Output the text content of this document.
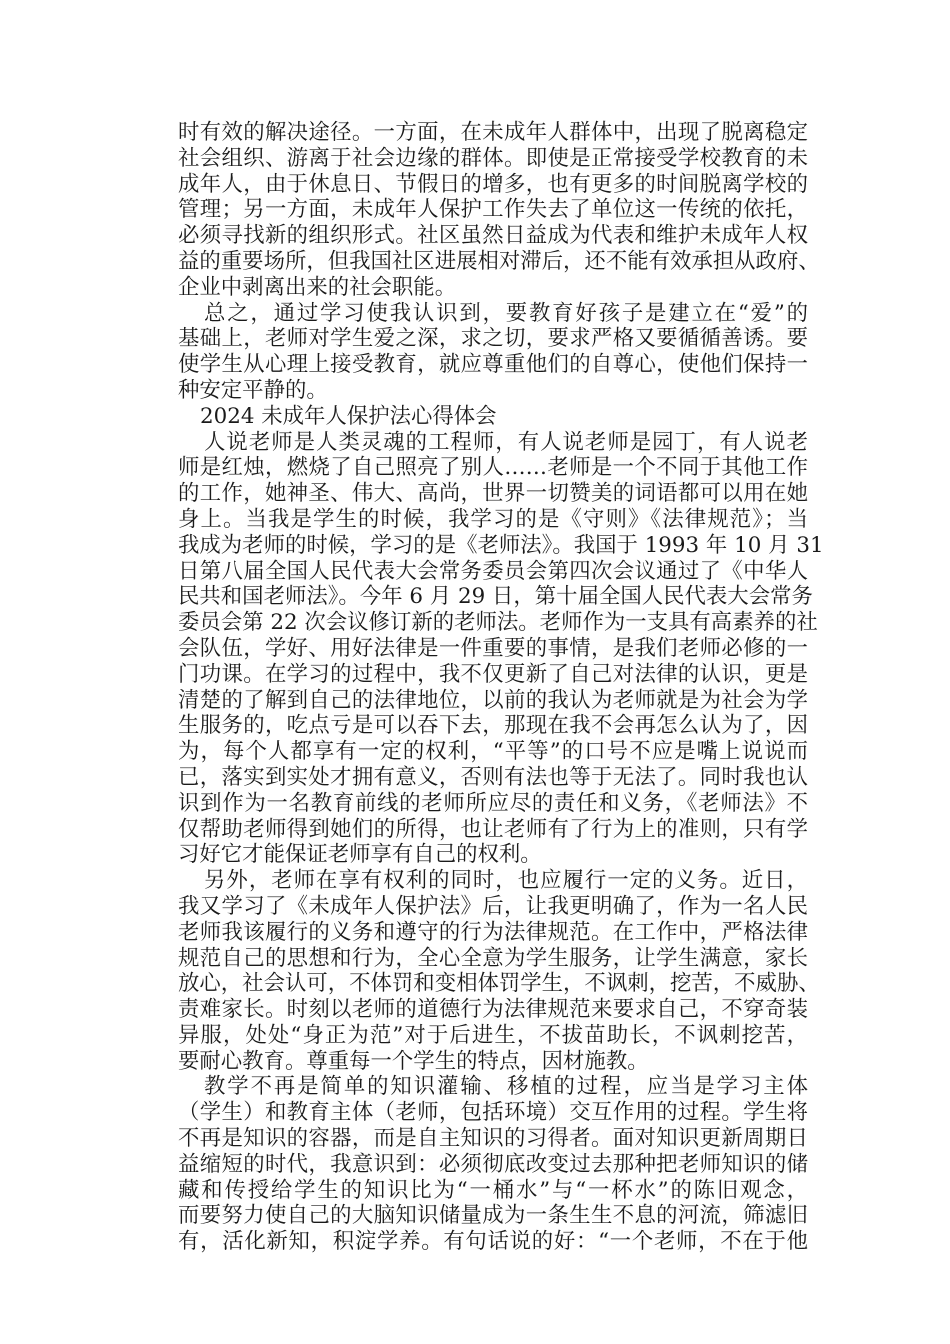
时有效的解决途径。一方面，在未成年人群体中，出现了脱离稳定
社会组织、游离于社会边缘的群体。即使是正常接受学校教育的未
成年人，由于休息日、节假日的增多，也有更多的时间脱离学校的
管理；另一方面，未成年人保护工作失去了单位这一传统的依托，
必须寻找新的组织形式。社区虽然日益成为代表和维护未成年人权
益的重要场所，但我国社区进展相对滞后，还不能有效承担从政府、
企业中剥离出来的社会职能。
总之，通过学习使我认识到，要教育好孩子是建立在“爱”的
基础上，老师对学生爱之深，求之切，要求严格又要循循善诱。要
使学生从心理上接受教育，就应尊重他们的自尊心，使他们保持一
种安定平静的。
2024 未成年人保护法心得体会
人说老师是人类灵魂的工程师，有人说老师是园丁，有人说老
师是红烛，燃烧了自己照亮了别人……老师是一个不同于其他工作
的工作，她神圣、伟大、高尚，世界一切赞美的词语都可以用在她
身上。当我是学生的时候，我学习的是《守则》《法律规范》；当
我成为老师的时候，学习的是《老师法》。我国于 1993 年 10 月 31
日第八届全国人民代表大会常务委员会第四次会议通过了《中华人
民共和国老师法》。今年 6 月 29 日，第十届全国人民代表大会常务
委员会第 22 次会议修订新的老师法。老师作为一支具有高素养的社
会队伍，学好、用好法律是一件重要的事情，是我们老师必修的一
门功课。在学习的过程中，我不仅更新了自己对法律的认识，更是
清楚的了解到自己的法律地位，以前的我认为老师就是为社会为学
生服务的，吃点亏是可以吞下去，那现在我不会再怎么认为了，因
为，每个人都享有一定的权利，“平等”的口号不应是嘴上说说而
已，落实到实处才拥有意义，否则有法也等于无法了。同时我也认
识到作为一名教育前线的老师所应尽的责任和义务，《老师法》不
仅帮助老师得到她们的所得，也让老师有了行为上的准则，只有学
习好它才能保证老师享有自己的权利。
另外，老师在享有权利的同时，也应履行一定的义务。近日，
我又学习了《未成年人保护法》后，让我更明确了，作为一名人民
老师我该履行的义务和遵守的行为法律规范。在工作中，严格法律
规范自己的思想和行为，全心全意为学生服务，让学生满意，家长
放心，社会认可，不体罚和变相体罚学生，不讽刺，挖苦，不威胁、
责难家长。时刻以老师的道德行为法律规范来要求自己，不穿奇装
异服，处处“身正为范”对于后进生，不拔苗助长，不讽刺挖苦，
要耐心教育。尊重每一个学生的特点，因材施教。
教学不再是简单的知识灌输、移植的过程，应当是学习主体
（学生）和教育主体（老师，包括环境）交互作用的过程。学生将
不再是知识的容器，而是自主知识的习得者。面对知识更新周期日
益缩短的时代，我意识到：必须彻底改变过去那种把老师知识的储
藏和传授给学生的知识比为“一桶水”与“一杯水”的陈旧观念，
而要努力使自己的大脑知识储量成为一条生生不息的河流，筛滤旧
有，活化新知，积淀学养。有句话说的好：“一个老师，不在于他
